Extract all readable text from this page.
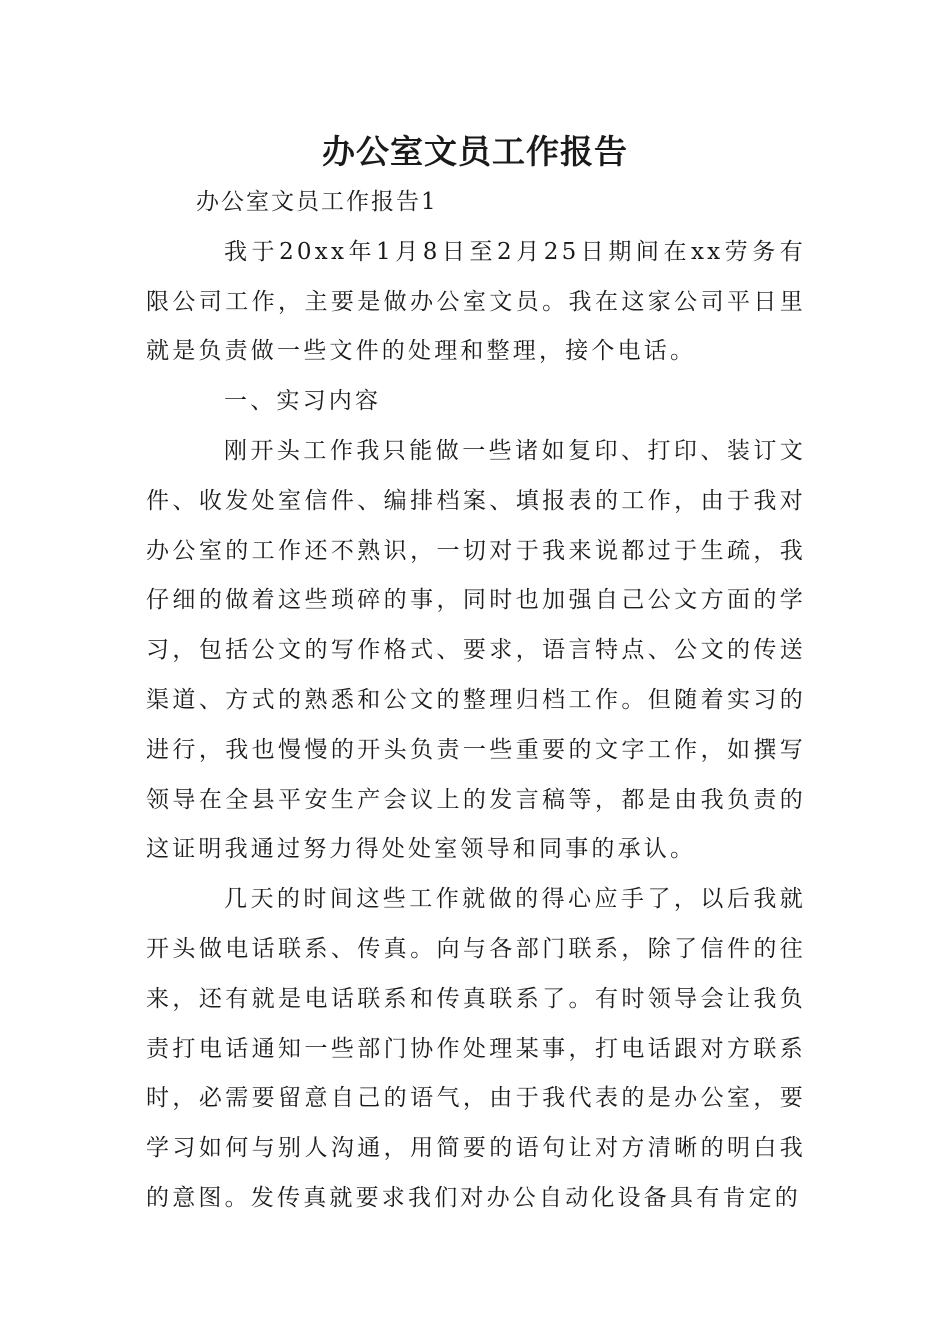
办公室文员工作报告

办公室文员工作报告1

我于20xx年1月8日至2月25日期间在xx劳务有限公司工作，主要是做办公室文员。我在这家公司平日里就是负责做一些文件的处理和整理，接个电话。

一、实习内容

刚开头工作我只能做一些诸如复印、打印、装订文件、收发处室信件、编排档案、填报表的工作，由于我对办公室的工作还不熟识，一切对于我来说都过于生疏，我仔细的做着这些琐碎的事，同时也加强自己公文方面的学习，包括公文的写作格式、要求，语言特点、公文的传送渠道、方式的熟悉和公文的整理归档工作。但随着实习的进行，我也慢慢的开头负责一些重要的文字工作，如撰写领导在全县平安生产会议上的发言稿等，都是由我负责的这证明我通过努力得处处室领导和同事的承认。

几天的时间这些工作就做的得心应手了，以后我就开头做电话联系、传真。向与各部门联系，除了信件的往来，还有就是电话联系和传真联系了。有时领导会让我负责打电话通知一些部门协作处理某事，打电话跟对方联系时，必需要留意自己的语气，由于我代表的是办公室，要学习如何与别人沟通，用简要的语句让对方清晰的明白我的意图。发传真就要求我们对办公自动化设备具有肯定的
